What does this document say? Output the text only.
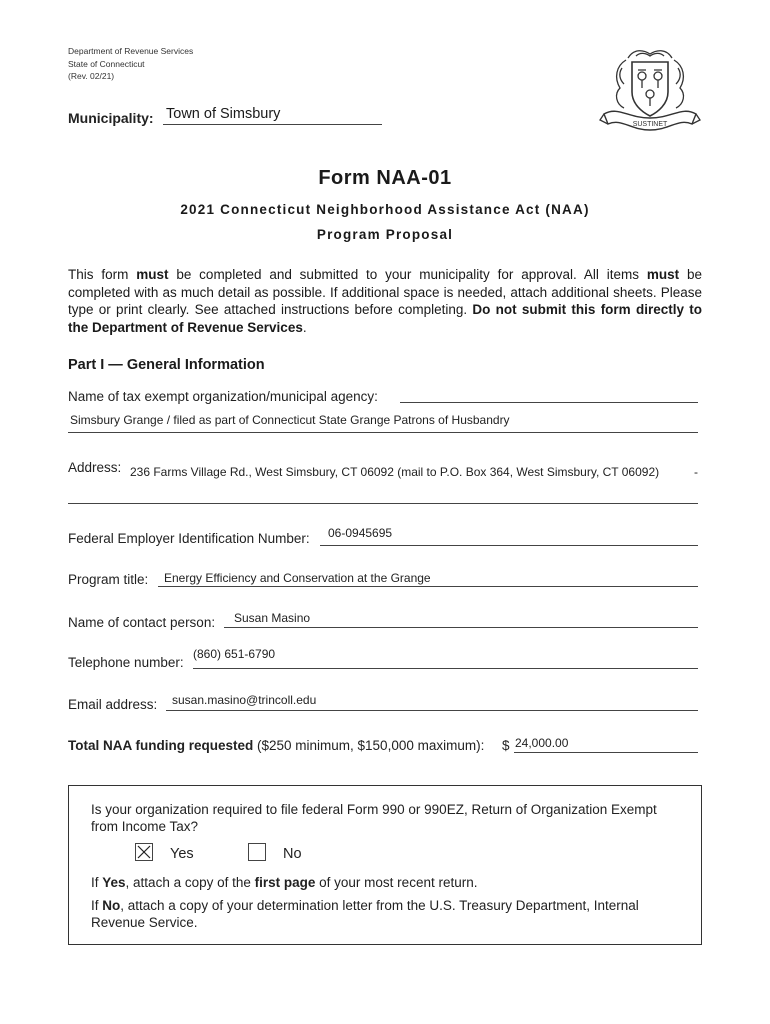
Department of Revenue Services
State of Connecticut
(Rev. 02/21)
SUSTINET
Municipality: Town of Simsbury
Form NAA-01
2021 Connecticut Neighborhood Assistance Act (NAA)
Program Proposal
This form must be completed and submitted to your municipality for approval. All items must be completed with as much detail as possible. If additional space is needed, attach additional sheets. Please type or print clearly. See attached instructions before completing. Do not submit this form directly to the Department of Revenue Services.
Part I — General Information
Name of tax exempt organization/municipal agency:
Simsbury Grange / filed as part of Connecticut State Grange Patrons of Husbandry
Address: 236 Farms Village Rd., West Simsbury, CT 06092 (mail to P.O. Box 364, West Simsbury, CT 06092)	-
Federal Employer Identification Number: 06-0945695
Program title: Energy Efficiency and Conservation at the Grange
Name of contact person: Susan Masino
Telephone number:
(860) 651-6790
Email address: susan.masino@trincoll.edu
Total NAA funding requested ($250 minimum, $150,000 maximum): $ 24,000.00
Is your organization required to file federal Form 990 or 990EZ, Return of Organization Exempt from Income Tax?
Yes	No
If Yes, attach a copy of the first page of your most recent return.
If No, attach a copy of your determination letter from the U.S. Treasury Department, Internal Revenue Service.
